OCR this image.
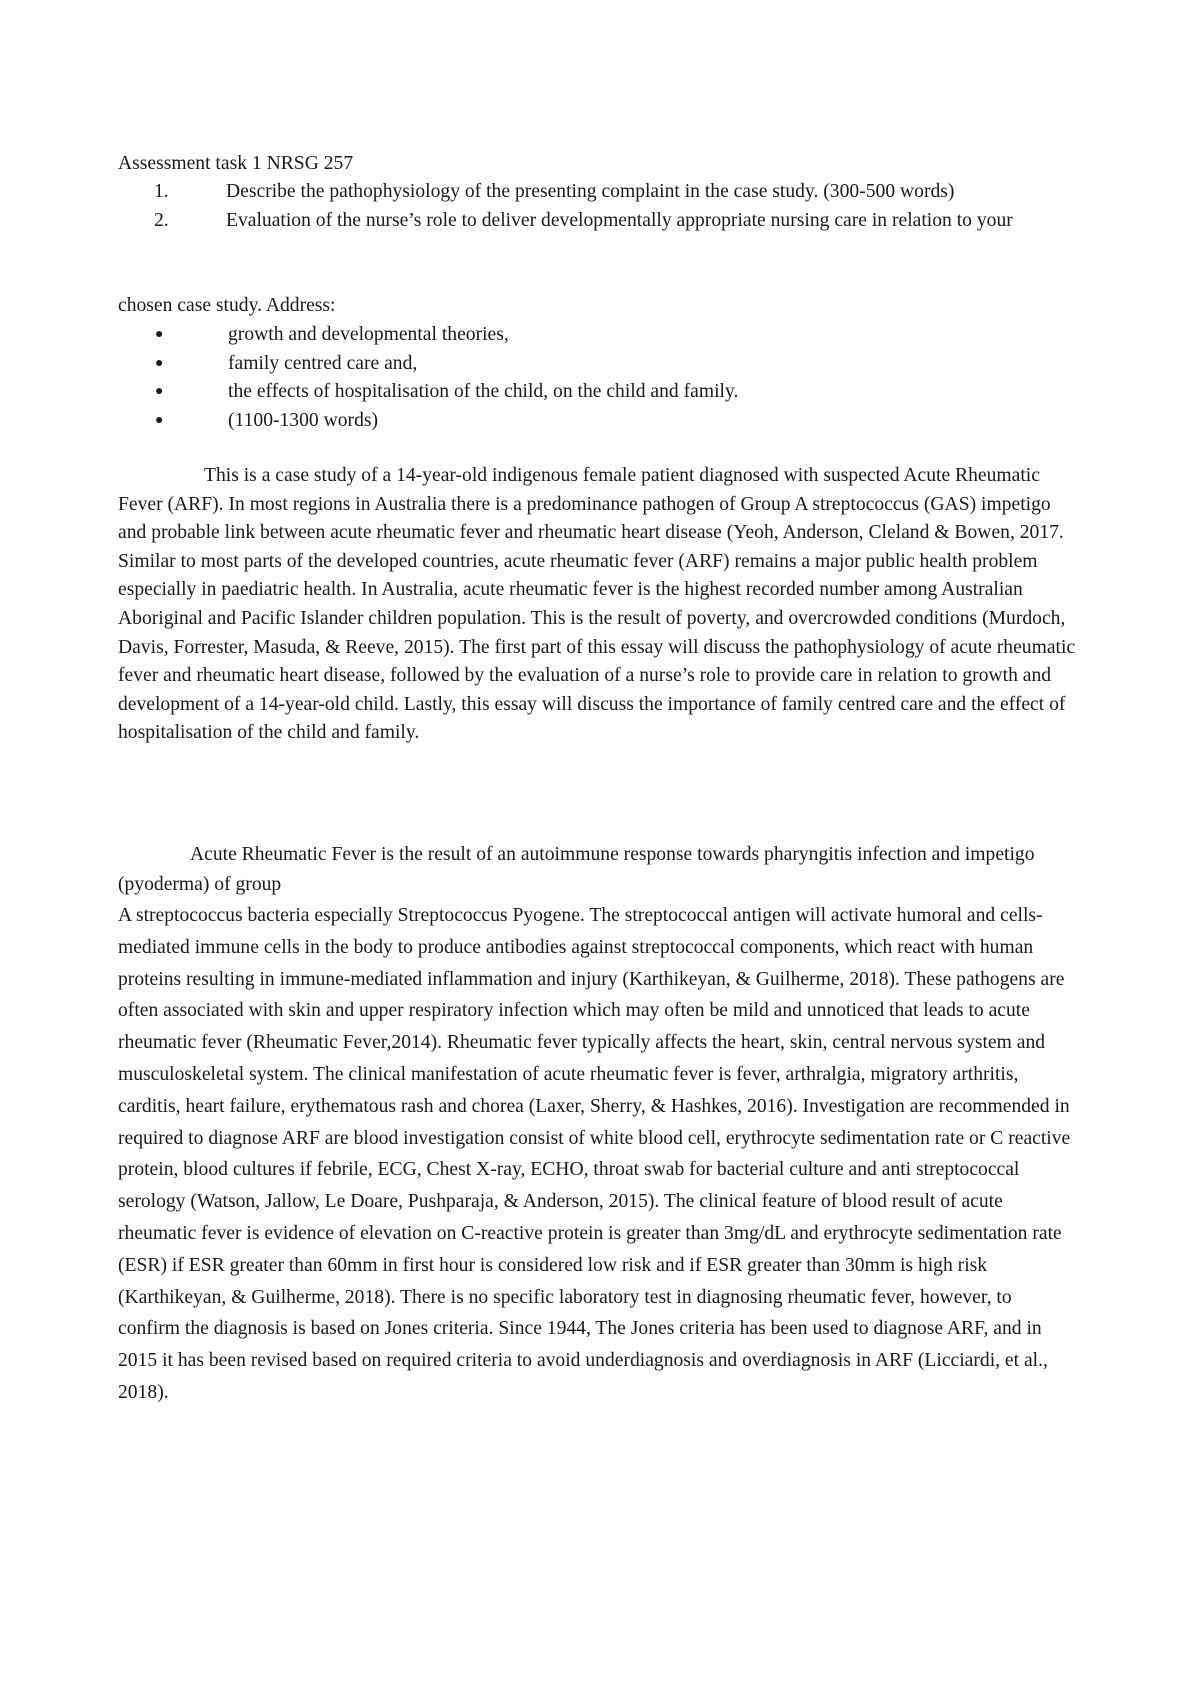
Assessment task 1 NRSG 257

1.	Describe the pathophysiology of the presenting complaint in the case study. (300-500 words)
2.	Evaluation of the nurse’s role to deliver developmentally appropriate nursing care in relation to your

chosen case study. Address:

●	growth and developmental theories,
●	family centred care and,
●	the effects of hospitalisation of the child, on the child and family.
●	(1100-1300 words)

This is a case study of a 14-year-old indigenous female patient diagnosed with suspected Acute Rheumatic Fever (ARF). In most regions in Australia there is a predominance pathogen of Group A streptococcus (GAS) impetigo and probable link between acute rheumatic fever and rheumatic heart disease (Yeoh, Anderson, Cleland & Bowen, 2017. Similar to most parts of the developed countries, acute rheumatic fever (ARF) remains a major public health problem especially in paediatric health. In Australia, acute rheumatic fever is the highest recorded number among Australian Aboriginal and Pacific Islander children population. This is the result of poverty, and overcrowded conditions (Murdoch, Davis, Forrester, Masuda, & Reeve, 2015). The first part of this essay will discuss the pathophysiology of acute rheumatic fever and rheumatic heart disease, followed by the evaluation of a nurse’s role to provide care in relation to growth and development of a 14-year-old child. Lastly, this essay will discuss the importance of family centred care and the effect of hospitalisation of the child and family.

Acute Rheumatic Fever is the result of an autoimmune response towards pharyngitis infection and impetigo (pyoderma) of group

A streptococcus bacteria especially Streptococcus Pyogene. The streptococcal antigen will activate humoral and cells-mediated immune cells in the body to produce antibodies against streptococcal components, which react with human proteins resulting in immune-mediated inflammation and injury (Karthikeyan, & Guilherme, 2018). These pathogens are often associated with skin and upper respiratory infection which may often be mild and unnoticed that leads to acute rheumatic fever (Rheumatic Fever,2014). Rheumatic fever typically affects the heart, skin, central nervous system and musculoskeletal system. The clinical manifestation of acute rheumatic fever is fever, arthralgia, migratory arthritis, carditis, heart failure, erythematous rash and chorea (Laxer, Sherry, & Hashkes, 2016). Investigation are recommended in required to diagnose ARF are blood investigation consist of white blood cell, erythrocyte sedimentation rate or C reactive protein, blood cultures if febrile, ECG, Chest X-ray, ECHO, throat swab for bacterial culture and anti streptococcal serology (Watson, Jallow, Le Doare, Pushparaja, & Anderson, 2015). The clinical feature of blood result of acute rheumatic fever is evidence of elevation on C-reactive protein is greater than 3mg/dL and erythrocyte sedimentation rate (ESR) if ESR greater than 60mm in first hour is considered low risk and if ESR greater than 30mm is high risk (Karthikeyan, & Guilherme, 2018). There is no specific laboratory test in diagnosing rheumatic fever, however, to confirm the diagnosis is based on Jones criteria. Since 1944, The Jones criteria has been used to diagnose ARF, and in 2015 it has been revised based on required criteria to avoid underdiagnosis and overdiagnosis in ARF (Licciardi, et al., 2018).
